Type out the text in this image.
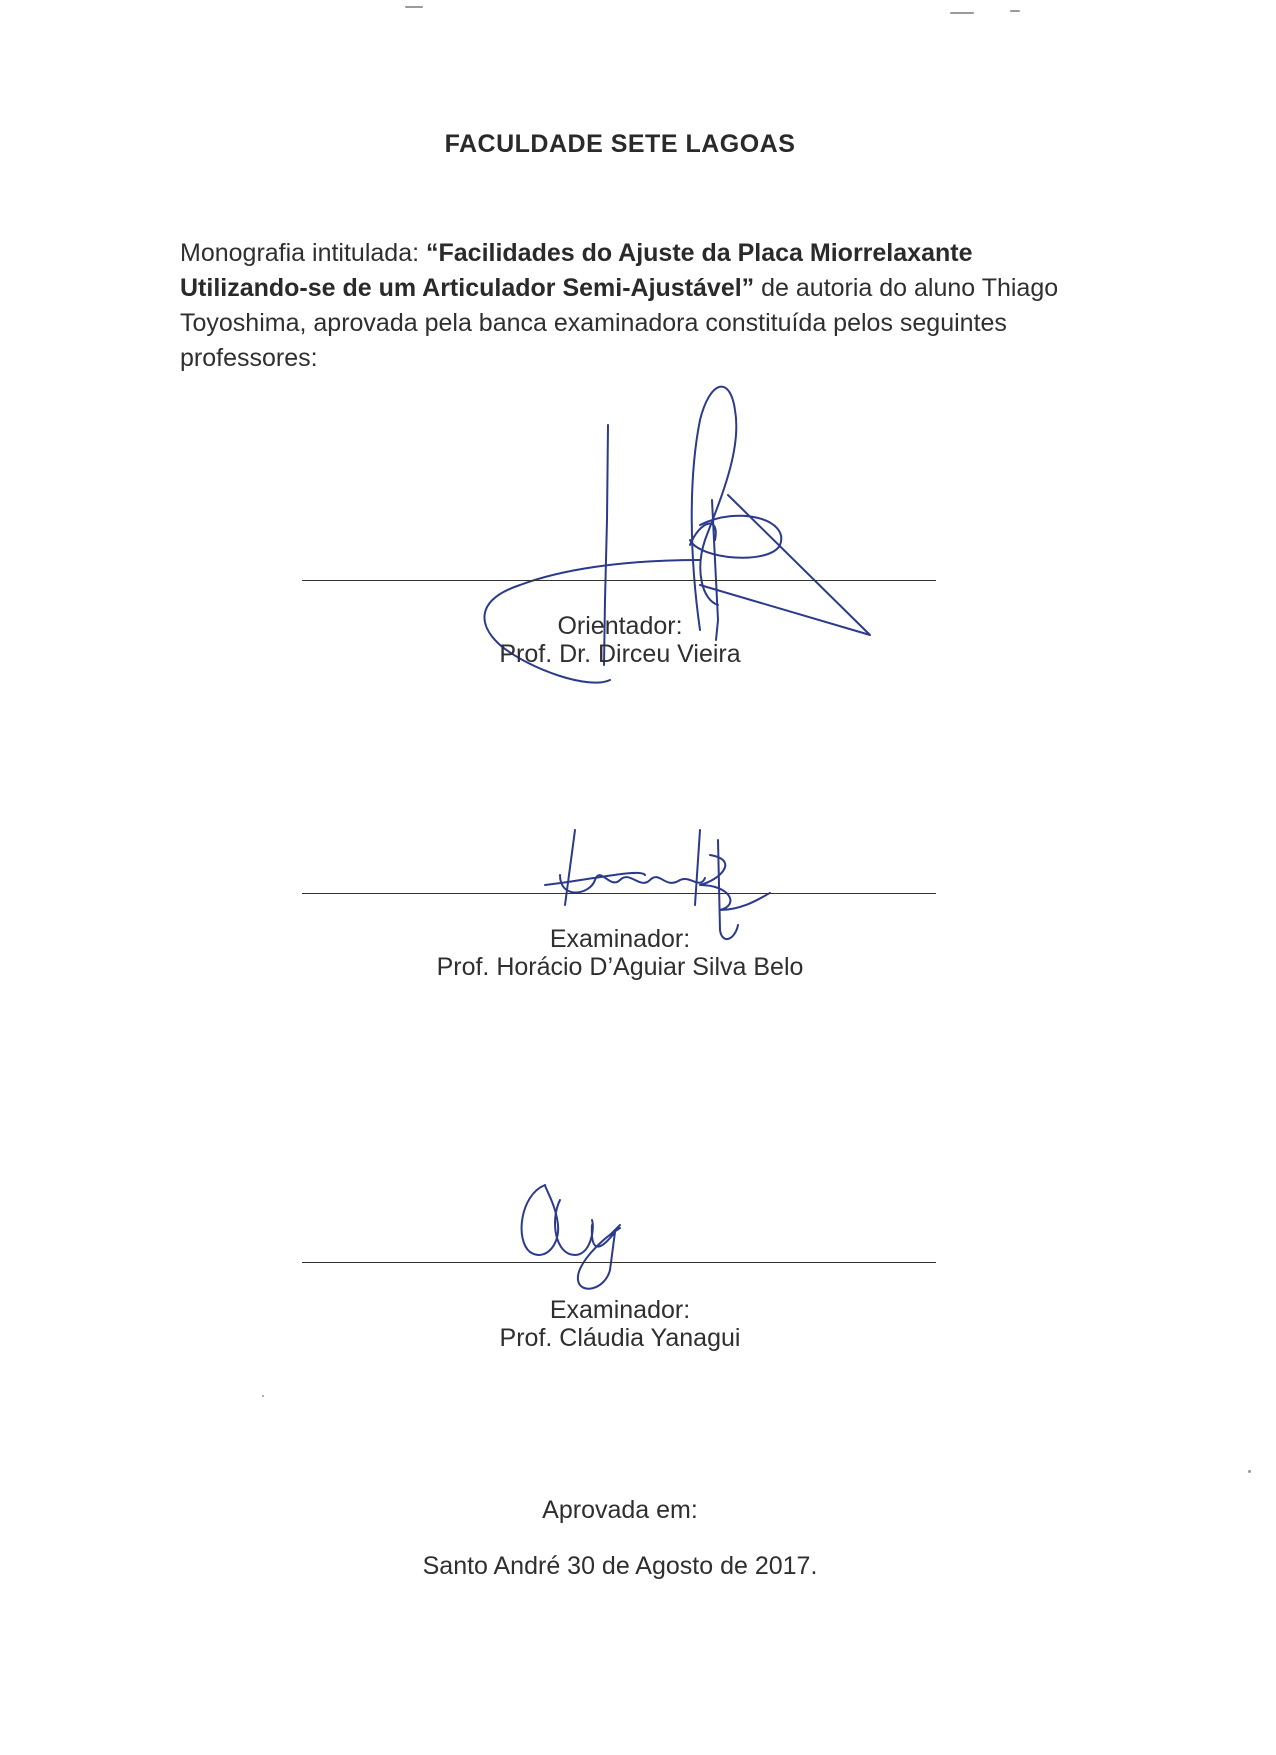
FACULDADE SETE LAGOAS
Monografia intitulada: “Facilidades do Ajuste da Placa Miorrelaxante Utilizando-se de um Articulador Semi-Ajustável” de autoria do aluno Thiago Toyoshima, aprovada pela banca examinadora constituída pelos seguintes professores:
Orientador:
Prof. Dr. Dirceu Vieira
Examinador:
Prof. Horácio D’Aguiar Silva Belo
Examinador:
Prof. Cláudia Yanagui
Aprovada em:
Santo André 30 de Agosto de 2017.
